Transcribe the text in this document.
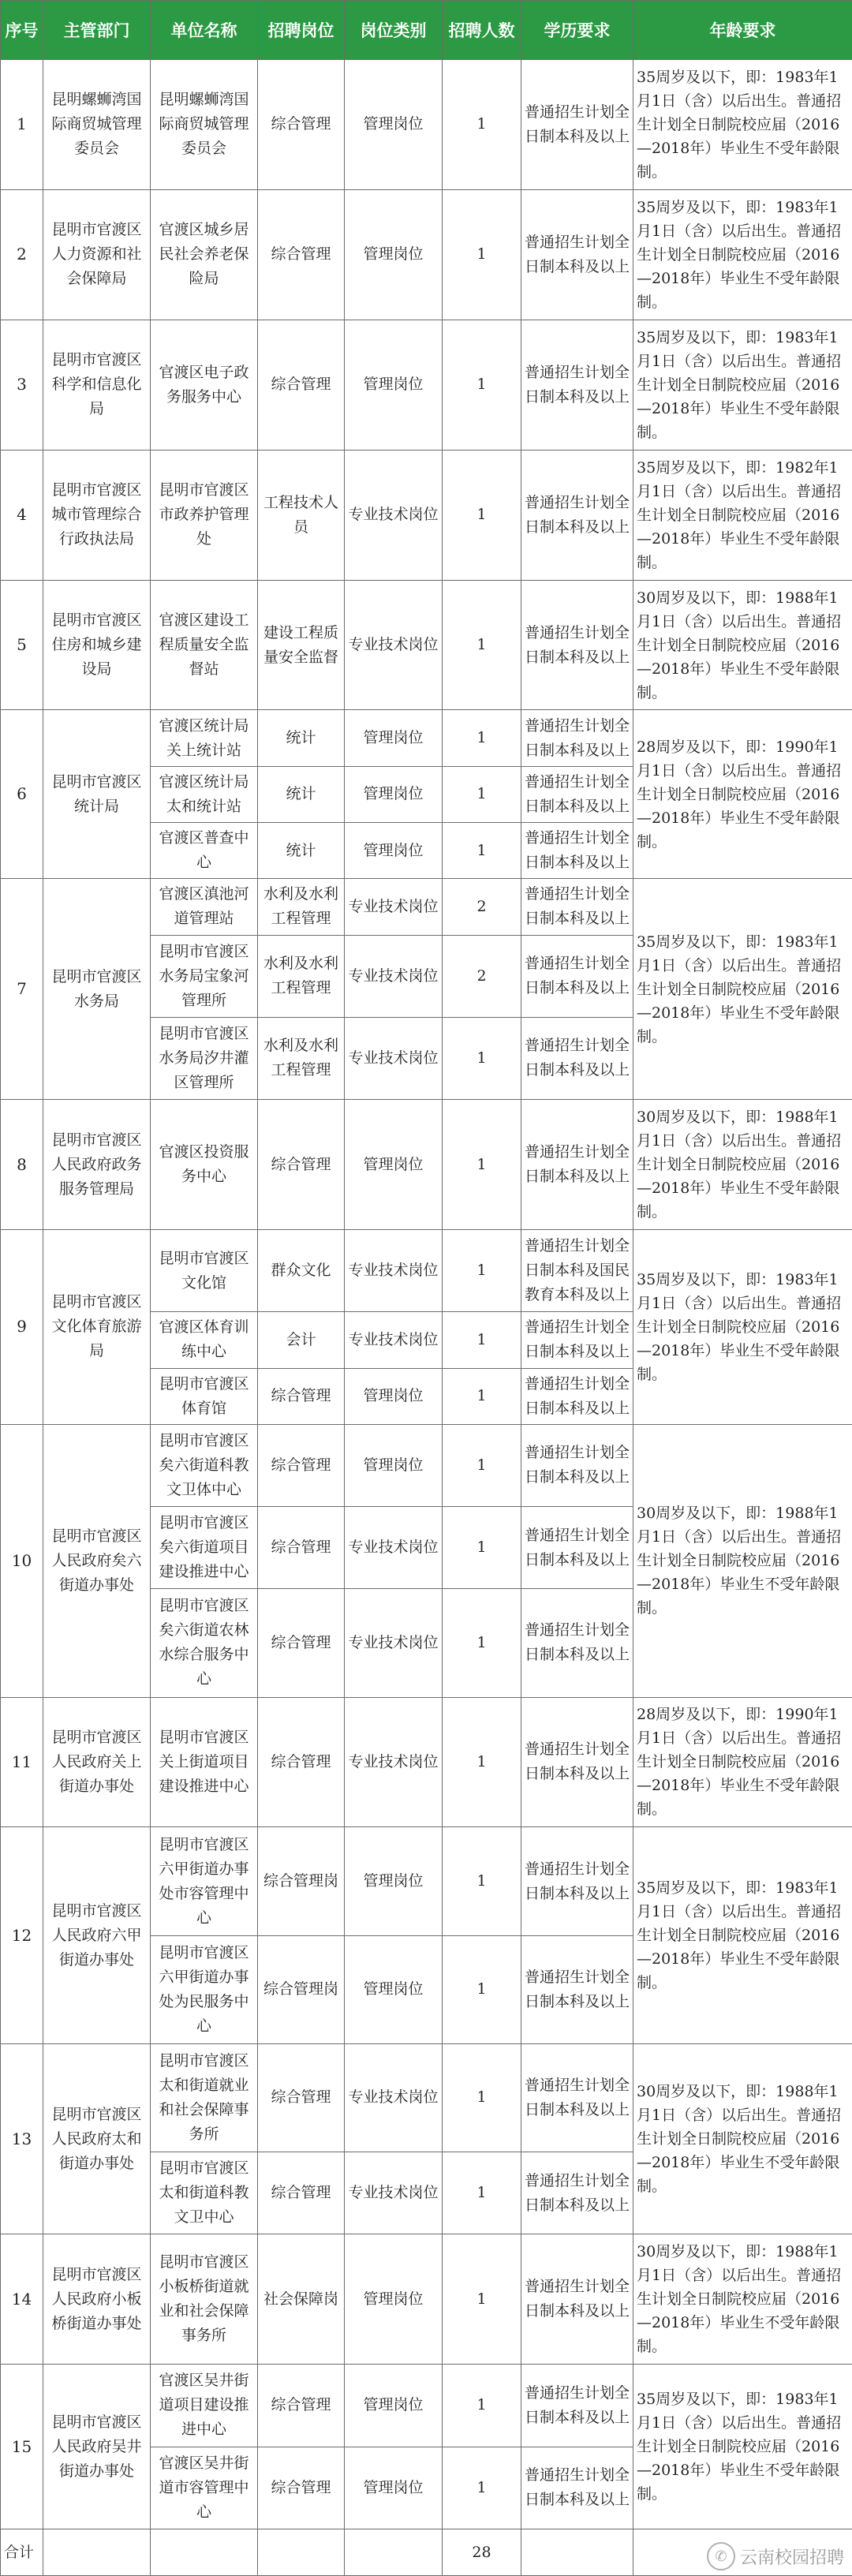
序号	主管部门	单位名称	招聘岗位	岗位类别	招聘人数	学历要求	年龄要求
1	昆明螺蛳湾国际商贸城管理委员会	昆明螺蛳湾国际商贸城管理委员会	综合管理	管理岗位	1	普通招生计划全日制本科及以上	35周岁及以下，即：1983年1月1日（含）以后出生。普通招生计划全日制院校应届（2016—2018年）毕业生不受年龄限制。
2	昆明市官渡区人力资源和社会保障局	官渡区城乡居民社会养老保险局	综合管理	管理岗位	1	普通招生计划全日制本科及以上	35周岁及以下，即：1983年1月1日（含）以后出生。普通招生计划全日制院校应届（2016—2018年）毕业生不受年龄限制。
3	昆明市官渡区科学和信息化局	官渡区电子政务服务中心	综合管理	管理岗位	1	普通招生计划全日制本科及以上	35周岁及以下，即：1983年1月1日（含）以后出生。普通招生计划全日制院校应届（2016—2018年）毕业生不受年龄限制。
4	昆明市官渡区城市管理综合行政执法局	昆明市官渡区市政养护管理处	工程技术人员	专业技术岗位	1	普通招生计划全日制本科及以上	35周岁及以下，即：1982年1月1日（含）以后出生。普通招生计划全日制院校应届（2016—2018年）毕业生不受年龄限制。
5	昆明市官渡区住房和城乡建设局	官渡区建设工程质量安全监督站	建设工程质量安全监督	专业技术岗位	1	普通招生计划全日制本科及以上	30周岁及以下，即：1988年1月1日（含）以后出生。普通招生计划全日制院校应届（2016—2018年）毕业生不受年龄限制。
6	昆明市官渡区统计局	官渡区统计局关上统计站	统计	管理岗位	1	普通招生计划全日制本科及以上	28周岁及以下，即：1990年1月1日（含）以后出生。普通招生计划全日制院校应届（2016—2018年）毕业生不受年龄限制。
		官渡区统计局太和统计站	统计	管理岗位	1	普通招生计划全日制本科及以上	
		官渡区普查中心	统计	管理岗位	1	普通招生计划全日制本科及以上	
7	昆明市官渡区水务局	官渡区滇池河道管理站	水利及水利工程管理	专业技术岗位	2	普通招生计划全日制本科及以上	35周岁及以下，即：1983年1月1日（含）以后出生。普通招生计划全日制院校应届（2016—2018年）毕业生不受年龄限制。
		昆明市官渡区水务局宝象河管理所	水利及水利工程管理	专业技术岗位	2	普通招生计划全日制本科及以上	
		昆明市官渡区水务局汐井灌区管理所	水利及水利工程管理	专业技术岗位	1	普通招生计划全日制本科及以上	
8	昆明市官渡区人民政府政务服务管理局	官渡区投资服务中心	综合管理	管理岗位	1	普通招生计划全日制本科及以上	30周岁及以下，即：1988年1月1日（含）以后出生。普通招生计划全日制院校应届（2016—2018年）毕业生不受年龄限制。
9	昆明市官渡区文化体育旅游局	昆明市官渡区文化馆	群众文化	专业技术岗位	1	普通招生计划全日制本科及国民教育本科及以上	35周岁及以下，即：1983年1月1日（含）以后出生。普通招生计划全日制院校应届（2016—2018年）毕业生不受年龄限制。
		官渡区体育训练中心	会计	专业技术岗位	1	普通招生计划全日制本科及以上	
		昆明市官渡区体育馆	综合管理	管理岗位	1	普通招生计划全日制本科及以上	
10	昆明市官渡区人民政府矣六街道办事处	昆明市官渡区矣六街道科教文卫体中心	综合管理	管理岗位	1	普通招生计划全日制本科及以上	30周岁及以下，即：1988年1月1日（含）以后出生。普通招生计划全日制院校应届（2016—2018年）毕业生不受年龄限制。
		昆明市官渡区矣六街道项目建设推进中心	综合管理	专业技术岗位	1	普通招生计划全日制本科及以上	
		昆明市官渡区矣六街道农林水综合服务中心	综合管理	专业技术岗位	1	普通招生计划全日制本科及以上	
11	昆明市官渡区人民政府关上街道办事处	昆明市官渡区关上街道项目建设推进中心	综合管理	专业技术岗位	1	普通招生计划全日制本科及以上	28周岁及以下，即：1990年1月1日（含）以后出生。普通招生计划全日制院校应届（2016—2018年）毕业生不受年龄限制。
12	昆明市官渡区人民政府六甲街道办事处	昆明市官渡区六甲街道办事处市容管理中心	综合管理岗	管理岗位	1	普通招生计划全日制本科及以上	35周岁及以下，即：1983年1月1日（含）以后出生。普通招生计划全日制院校应届（2016—2018年）毕业生不受年龄限制。
		昆明市官渡区六甲街道办事处为民服务中心	综合管理岗	管理岗位	1	普通招生计划全日制本科及以上	
13	昆明市官渡区人民政府太和街道办事处	昆明市官渡区太和街道就业和社会保障事务所	综合管理	专业技术岗位	1	普通招生计划全日制本科及以上	30周岁及以下，即：1988年1月1日（含）以后出生。普通招生计划全日制院校应届（2016—2018年）毕业生不受年龄限制。
		昆明市官渡区太和街道科教文卫中心	综合管理	专业技术岗位	1	普通招生计划全日制本科及以上	
14	昆明市官渡区人民政府小板桥街道办事处	昆明市官渡区小板桥街道就业和社会保障事务所	社会保障岗	管理岗位	1	普通招生计划全日制本科及以上	30周岁及以下，即：1988年1月1日（含）以后出生。普通招生计划全日制院校应届（2016—2018年）毕业生不受年龄限制。
15	昆明市官渡区人民政府吴井街道办事处	官渡区吴井街道项目建设推进中心	综合管理	管理岗位	1	普通招生计划全日制本科及以上	35周岁及以下，即：1983年1月1日（含）以后出生。普通招生计划全日制院校应届（2016—2018年）毕业生不受年龄限制。
		官渡区吴井街道市容管理中心	综合管理	管理岗位	1	普通招生计划全日制本科及以上	
合计					28			✆ 云南校园招聘
